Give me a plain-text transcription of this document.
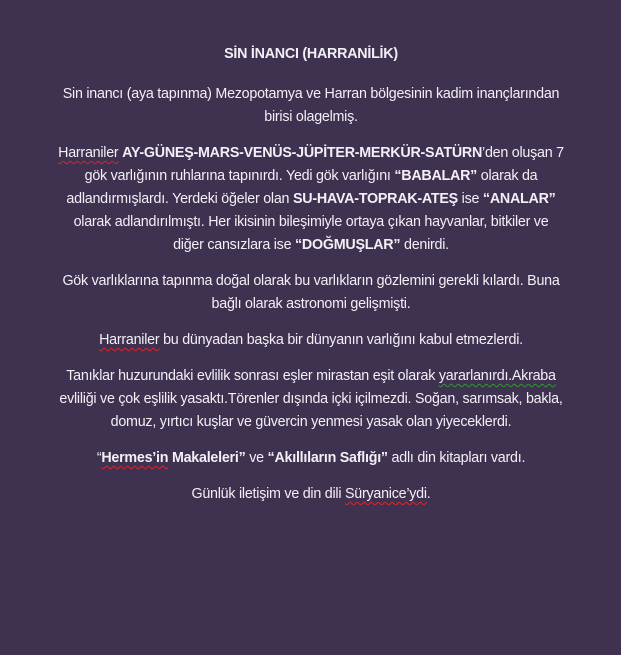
SİN İNANCI (HARRANİLİK)

Sin inancı (aya tapınma) Mezopotamya ve Harran bölgesinin kadim inançlarından birisi olagelmiş.

Harraniler AY-GÜNEŞ-MARS-VENÜS-JÜPİTER-MERKÜR-SATÜRN’den oluşan 7 gök varlığının ruhlarına tapınırdı. Yedi gök varlığını “BABALAR” olarak da adlandırmışlardı. Yerdeki öğeler olan SU-HAVA-TOPRAK-ATEŞ ise “ANALAR” olarak adlandırılmıştı. Her ikisinin bileşimiyle ortaya çıkan hayvanlar, bitkiler ve diğer cansızlara ise “DOĞMUŞLAR” denirdi.

Gök varlıklarına tapınma doğal olarak bu varlıkların gözlemini gerekli kılardı. Buna bağlı olarak astronomi gelişmişti.

Harraniler bu dünyadan başka bir dünyanın varlığını kabul etmezlerdi.

Tanıklar huzurundaki evlilik sonrası eşler mirastan eşit olarak yararlanırdı.Akraba evliliği ve çok eşlilik yasaktı.Törenler dışında içki içilmezdi. Soğan, sarımsak, bakla, domuz, yırtıcı kuşlar ve güvercin yenmesi yasak olan yiyeceklerdi.

“Hermes’in Makaleleri” ve “Akıllıların Saflığı” adlı din kitapları vardı.

Günlük iletişim ve din dili Süryanice’ydi.
